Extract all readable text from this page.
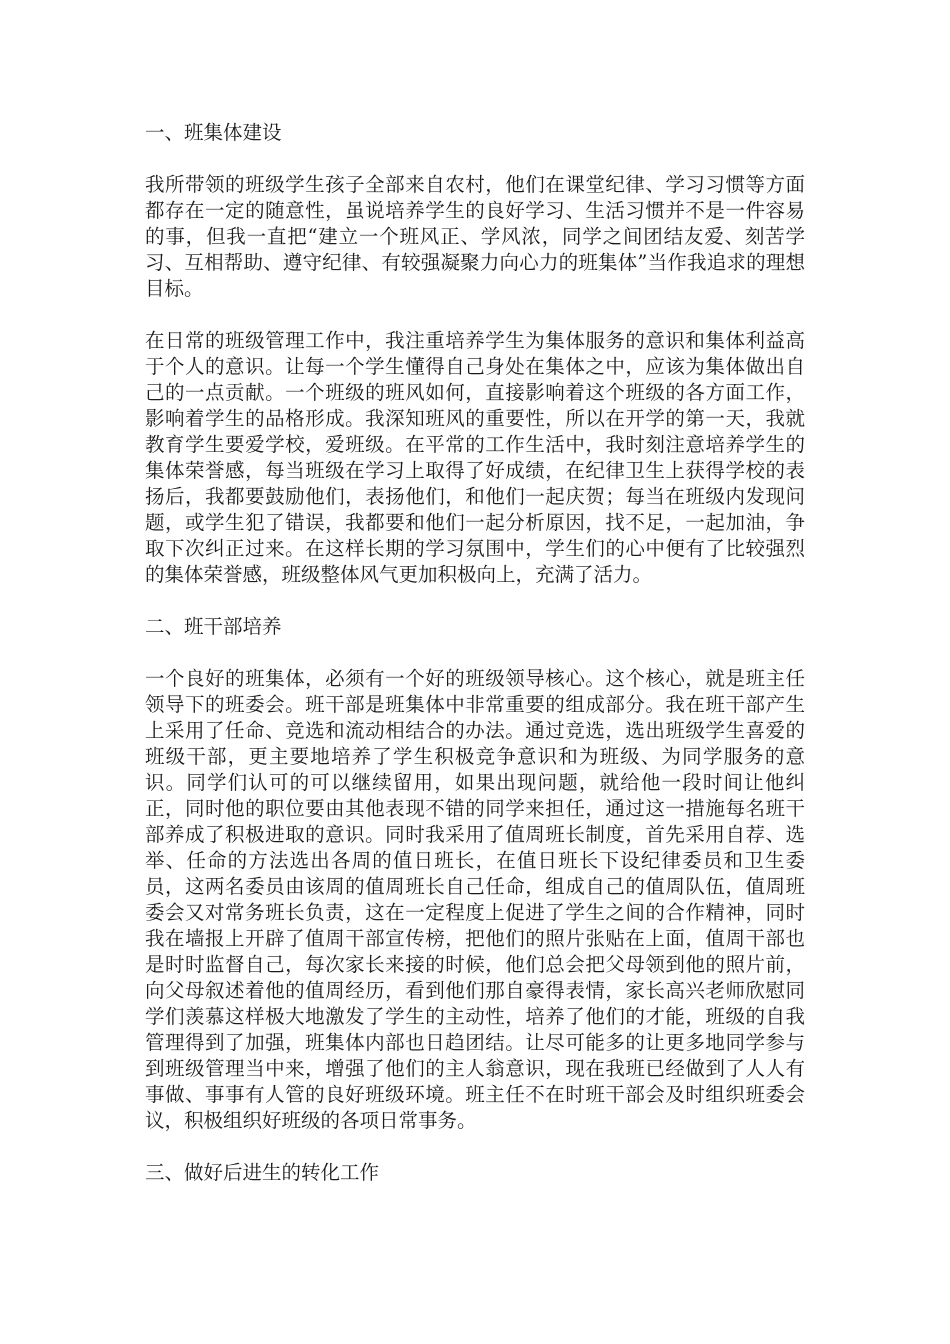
一、班集体建设

我所带领的班级学生孩子全部来自农村，他们在课堂纪律、学习习惯等方面都存在一定的随意性，虽说培养学生的良好学习、生活习惯并不是一件容易的事，但我一直把“建立一个班风正、学风浓，同学之间团结友爱、刻苦学习、互相帮助、遵守纪律、有较强凝聚力向心力的班集体”当作我追求的理想目标。

在日常的班级管理工作中，我注重培养学生为集体服务的意识和集体利益高于个人的意识。让每一个学生懂得自己身处在集体之中，应该为集体做出自己的一点贡献。一个班级的班风如何，直接影响着这个班级的各方面工作，影响着学生的品格形成。我深知班风的重要性，所以在开学的第一天，我就教育学生要爱学校，爱班级。在平常的工作生活中，我时刻注意培养学生的集体荣誉感，每当班级在学习上取得了好成绩，在纪律卫生上获得学校的表扬后，我都要鼓励他们，表扬他们，和他们一起庆贺；每当在班级内发现问题，或学生犯了错误，我都要和他们一起分析原因，找不足，一起加油，争取下次纠正过来。在这样长期的学习氛围中，学生们的心中便有了比较强烈的集体荣誉感，班级整体风气更加积极向上，充满了活力。

二、班干部培养

一个良好的班集体，必须有一个好的班级领导核心。这个核心，就是班主任领导下的班委会。班干部是班集体中非常重要的组成部分。我在班干部产生上采用了任命、竞选和流动相结合的办法。通过竞选，选出班级学生喜爱的班级干部，更主要地培养了学生积极竞争意识和为班级、为同学服务的意识。同学们认可的可以继续留用，如果出现问题，就给他一段时间让他纠正，同时他的职位要由其他表现不错的同学来担任，通过这一措施每名班干部养成了积极进取的意识。同时我采用了值周班长制度，首先采用自荐、选举、任命的方法选出各周的值日班长，在值日班长下设纪律委员和卫生委员，这两名委员由该周的值周班长自己任命，组成自己的值周队伍，值周班委会又对常务班长负责，这在一定程度上促进了学生之间的合作精神，同时我在墙报上开辟了值周干部宣传榜，把他们的照片张贴在上面，值周干部也是时时监督自己，每次家长来接的时候，他们总会把父母领到他的照片前，向父母叙述着他的值周经历，看到他们那自豪得表情，家长高兴老师欣慰同学们羡慕这样极大地激发了学生的主动性，培养了他们的才能，班级的自我管理得到了加强，班集体内部也日趋团结。让尽可能多的让更多地同学参与到班级管理当中来，增强了他们的主人翁意识，现在我班已经做到了人人有事做、事事有人管的良好班级环境。班主任不在时班干部会及时组织班委会议，积极组织好班级的各项日常事务。

三、做好后进生的转化工作
